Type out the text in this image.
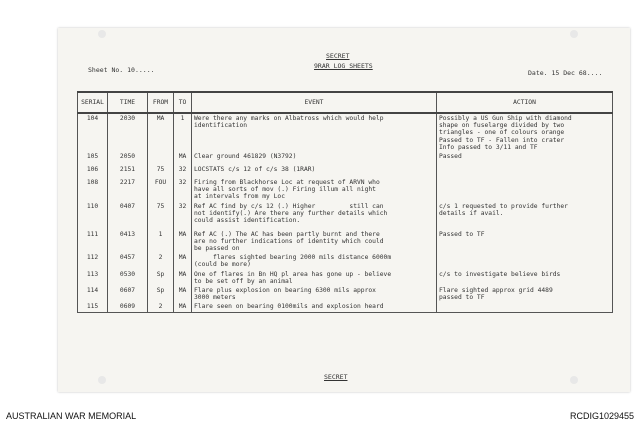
SECRET
9RAR LOG SHEETS
Sheet No. 10.....	Date. 15 Dec 68....
SERIAL	TIME	FROM	TO	EVENT	ACTION
104	2030	MA	1	Were there any marks on Albatross which would help
identification	Possibly a US Gun Ship with diamond
shape on fuselarge divided by two
triangles - one of colours orange
Passed to TF - Fallen into crater
Info passed to 3/11 and TF
105	2050		MA	Clear ground 461829 (N3792)	Passed
106	2151	75	32	LOCSTATS c/s 12 of c/s 38 (1RAR)	
108	2217	FOU	32	Firing from Blackhorse Loc at request of ARVN who
have all sorts of mov (.) Firing illum all night
at intervals from my Loc	
110	0407	75	32	Ref AC find by c/s 12 (.) Higher         still can
not identify(.) Are there any further details which
could assist identification.	c/s 1 requested to provide further
details if avail.
111	0413	1	MA	Ref AC (.) The AC has been partly burnt and there
are no further indications of identity which could
be passed on	Passed to TF
112	0457	2	MA	flares sighted bearing 2000 mils distance 6000m
(could be more)	
113	0530	Sp	MA	One of flares in Bn HQ pl area has gone up - believe
to be set off by an animal	c/s to investigate believe birds
114	0607	Sp	MA	Flare plus explosion on bearing 6300 mils approx
3000 meters	Flare sighted approx grid 4489
passed to TF
115	0609	2	MA	Flare seen on bearing 0100mils and explosion heard	
SECRET
AUSTRALIAN WAR MEMORIAL	RCDIG1029455
